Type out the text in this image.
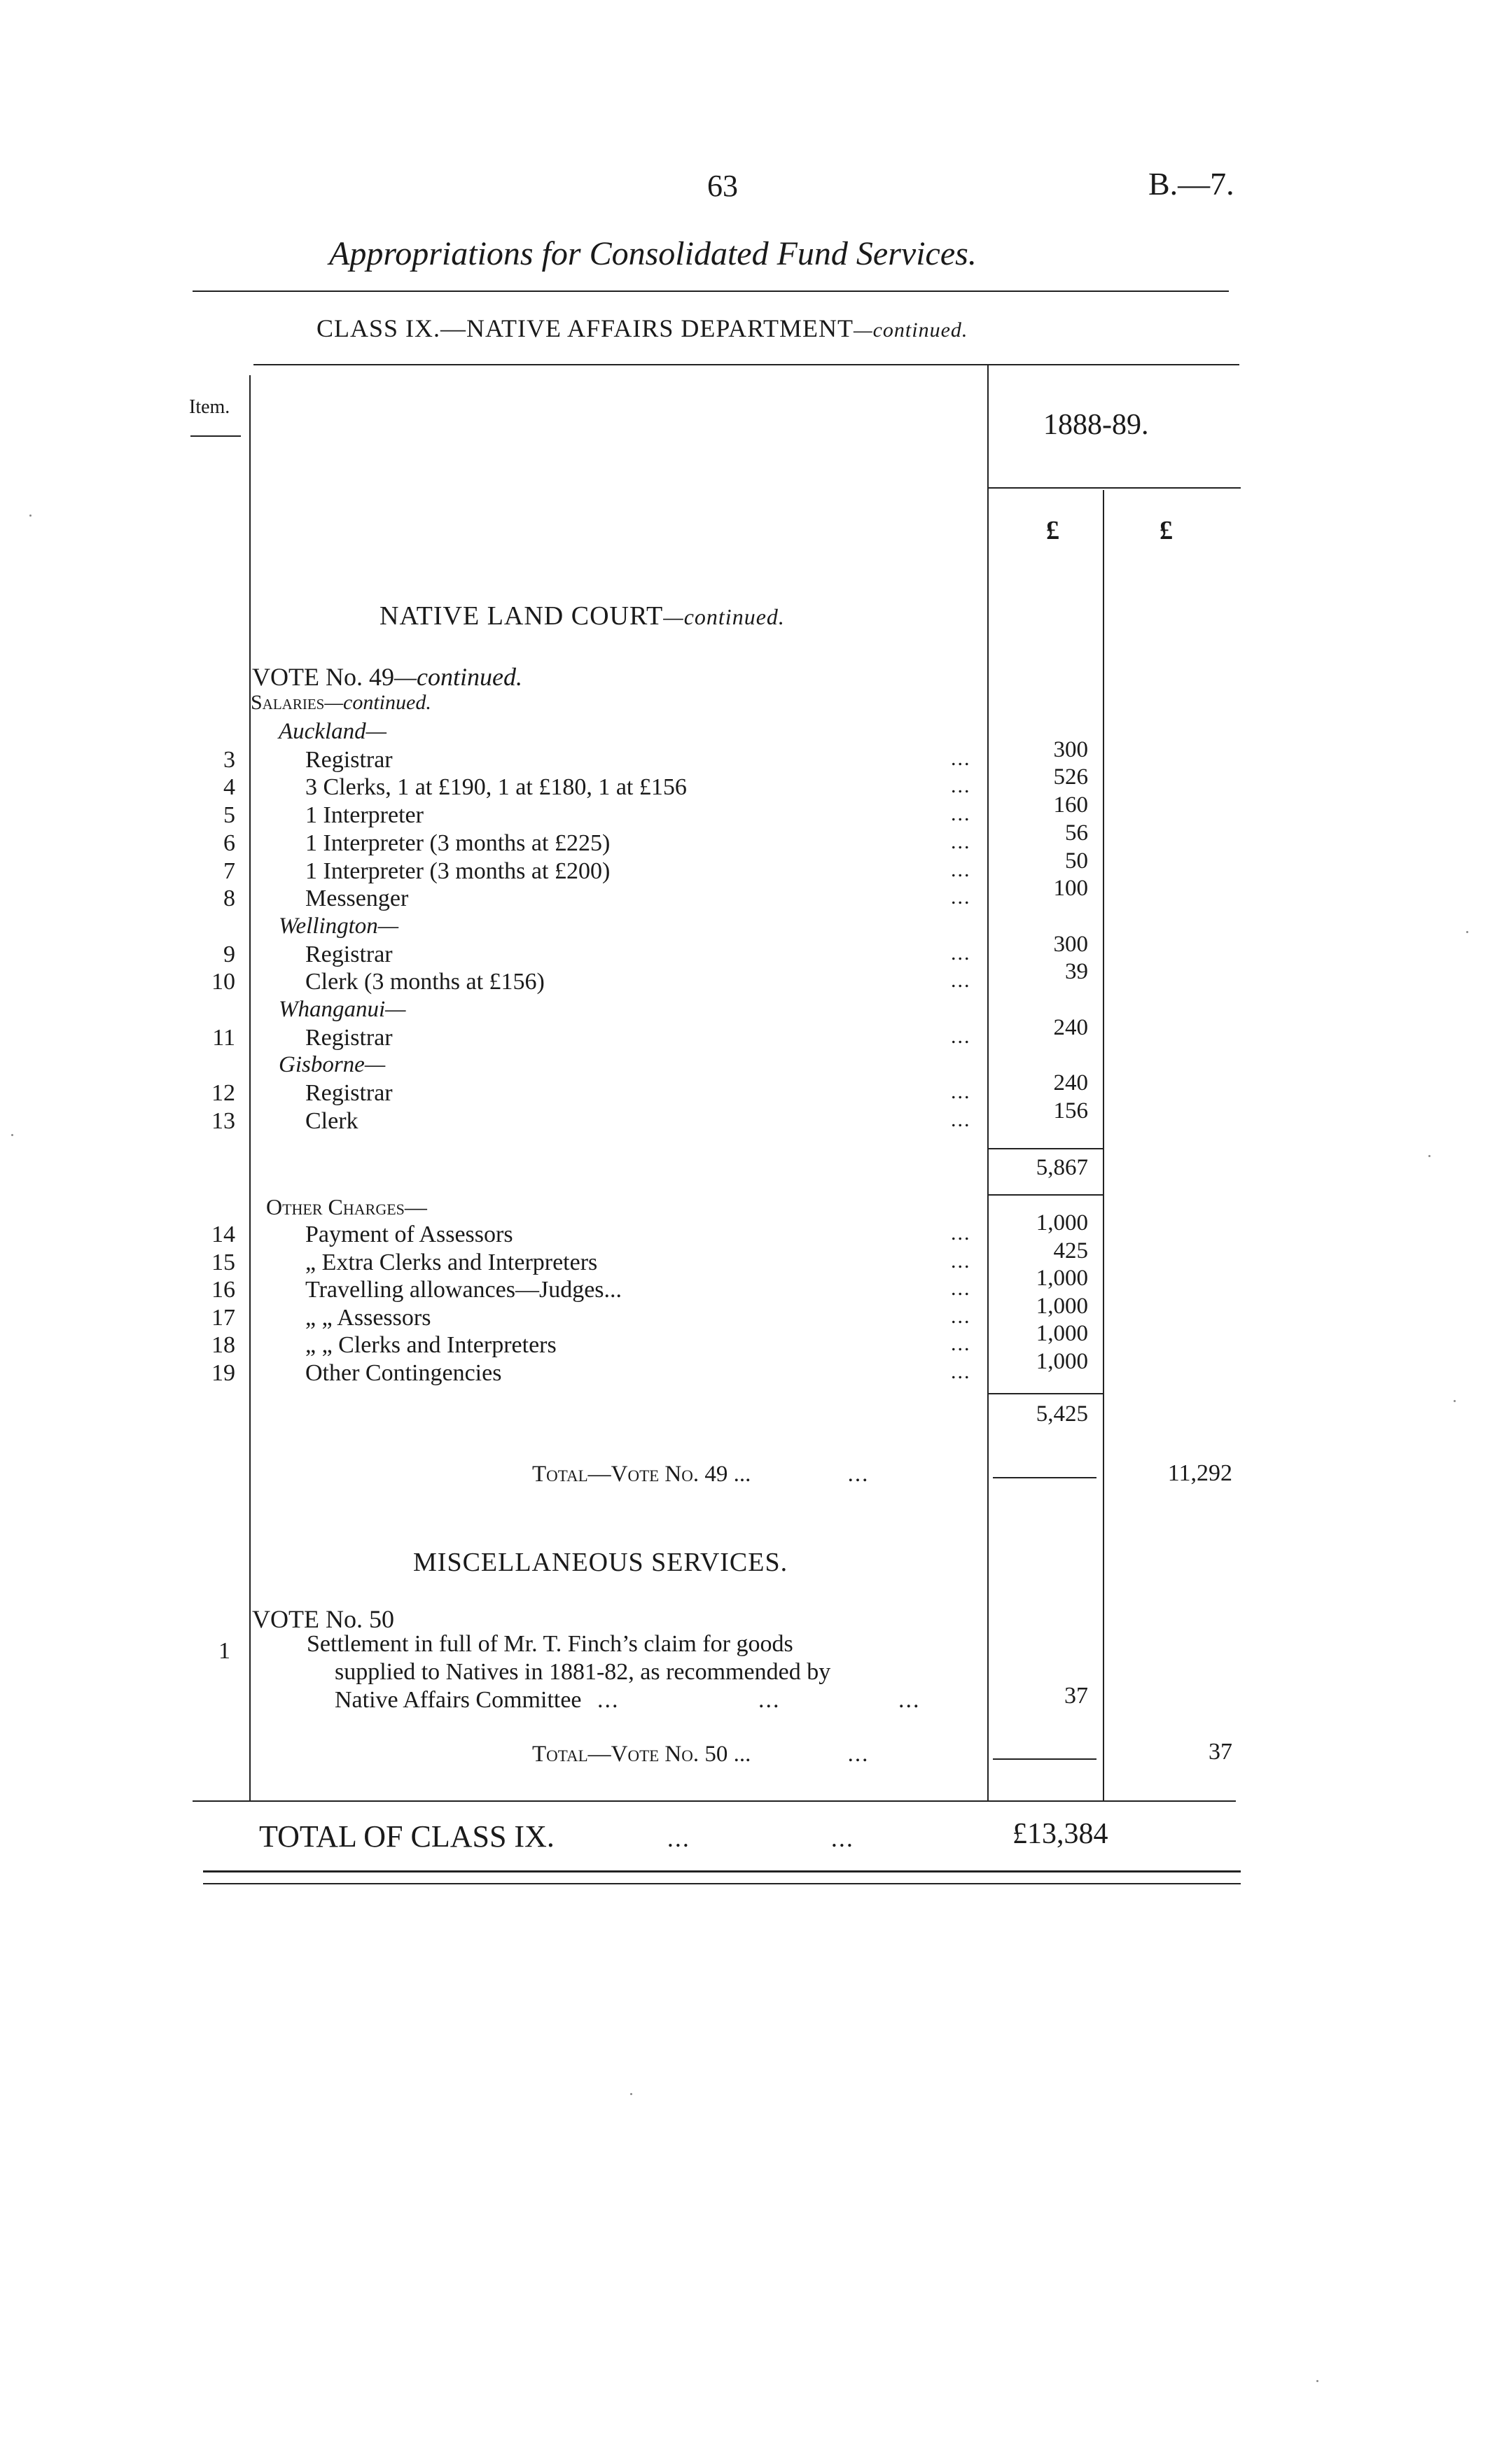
63	B.—7.
Appropriations for Consolidated Fund Services.
CLASS IX.—NATIVE AFFAIRS DEPARTMENT—continued.
Item.
1888-89.
£	£
NATIVE LAND COURT—continued.
VOTE No. 49—continued.
Salaries—continued.
Auckland—
3	Registrar	...	300
4	3 Clerks, 1 at £190, 1 at £180, 1 at £156	...	526
5	1 Interpreter	...	160
6	1 Interpreter (3 months at £225)	...	56
7	1 Interpreter (3 months at £200)	...	50
8	Messenger	...	100
Wellington—
9	Registrar	...	300
10	Clerk (3 months at £156)	...	39
Whanganui—
11	Registrar	...	240
Gisborne—
12	Registrar	...	240
13	Clerk	...	156
5,867
Other Charges—
14	Payment of Assessors	...	1,000
15	„ Extra Clerks and Interpreters	...	425
16	Travelling allowances—Judges...	...	1,000
17	„ „ Assessors	...	1,000
18	„ „ Clerks and Interpreters	...	1,000
19	Other Contingencies	...	1,000
5,425
Total—Vote No. 49 ...	...	11,292
MISCELLANEOUS SERVICES.
VOTE No. 50
1	Settlement in full of Mr. T. Finch’s claim for goods
supplied to Natives in 1881-82, as recommended by
Native Affairs Committee ...	...	...	37
Total—Vote No. 50 ...	...	37
TOTAL OF CLASS IX.	...	...	£13,384
